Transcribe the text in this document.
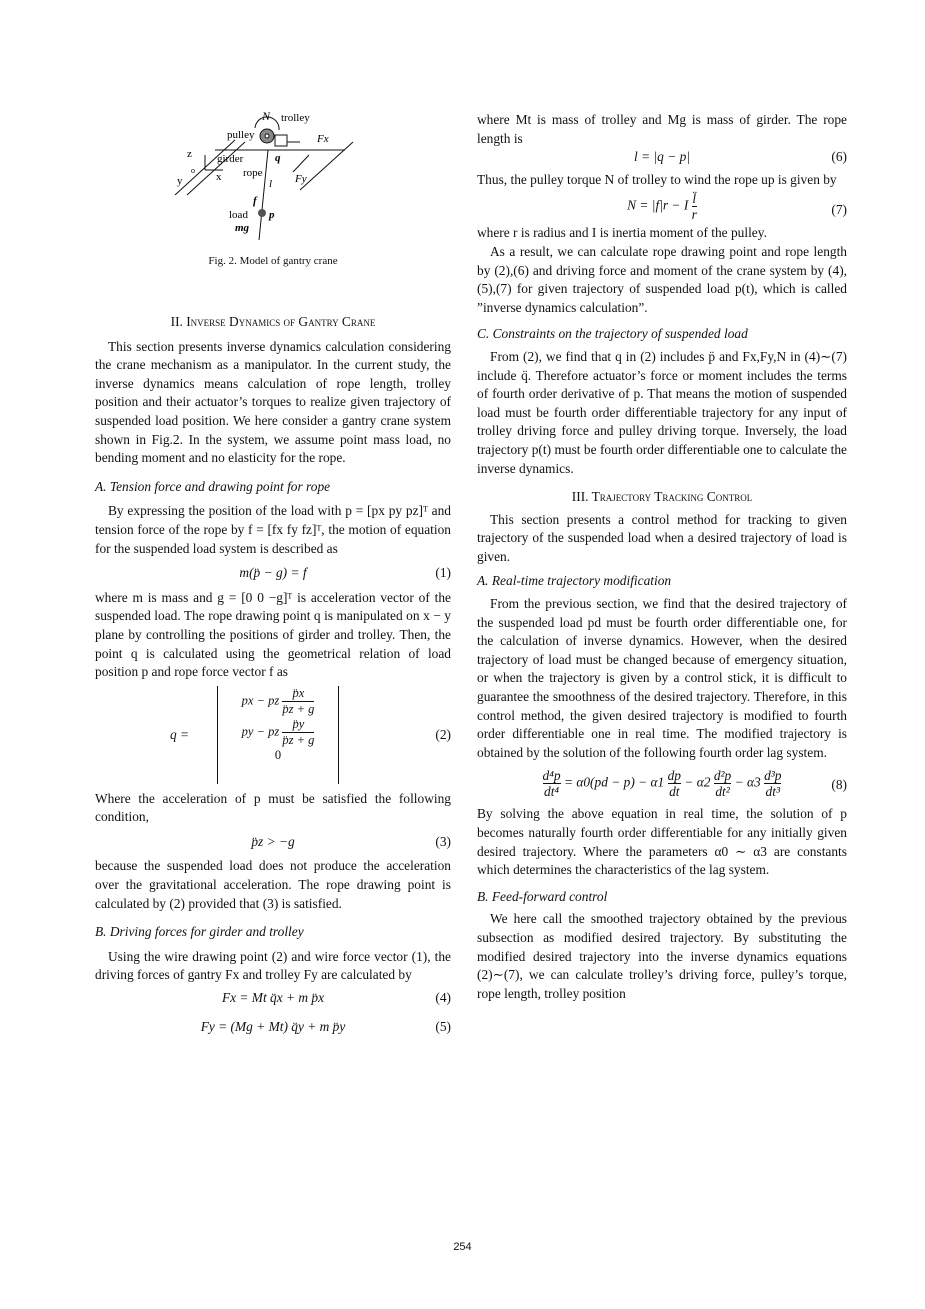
N trolley
pulley	Fx
z girder	q
o
x rope
y	Fy
l
f
load p
mg
Fig. 2. Model of gantry crane

II. Inverse Dynamics of Gantry Crane

This section presents inverse dynamics calculation considering the crane mechanism as a manipulator. In the current study, the inverse dynamics means calculation of rope length, trolley position and their actuator’s torques to realize given trajectory of suspended load position. We here consider a gantry crane system shown in Fig.2. In the system, we assume point mass load, no bending moment and no elasticity for the rope.

A. Tension force and drawing point for rope

By expressing the position of the load with p = [px py pz]ᵀ and tension force of the rope by f = [fx fy fz]ᵀ, the motion of equation for the suspended load system is described as

m(p̈ − g) = f	(1)

where m is mass and g = [0 0 −g]ᵀ is acceleration vector of the suspended load. The rope drawing point q is manipulated on x − y plane by controlling the positions of girder and trolley. Then, the point q is calculated using the geometrical relation of load position p and rope force vector f as

q =
px − pz $\frac{p̈x}{p̈z + g}$
py − pz $\frac{p̈y}{p̈z + g}$
0
(2)

Where the acceleration of p must be satisfied the following condition,

p̈z > −g	(3)

because the suspended load does not produce the acceleration over the gravitational acceleration. The rope drawing point is calculated by (2) provided that (3) is satisfied.

B. Driving forces for girder and trolley

Using the wire drawing point (2) and wire force vector (1), the driving forces of gantry Fx and trolley Fy are calculated by

Fx = Mt q̈x + m p̈x	(4)
Fy = (Mg + Mt) q̈y + m p̈y	(5)

where Mt is mass of trolley and Mg is mass of girder. The rope length is

l = |q − p|	(6)

Thus, the pulley torque N of trolley to wind the rope up is given by

N = |f|r − I $\frac{l̈}{r}$	(7)

where r is radius and I is inertia moment of the pulley.

As a result, we can calculate rope drawing point and rope length by (2),(6) and driving force and moment of the crane system by (4),(5),(7) for given trajectory of suspended load p(t), which is called ”inverse dynamics calculation”.

C. Constraints on the trajectory of suspended load

From (2), we find that q in (2) includes p̈ and Fx,Fy,N in (4)∼(7) include q̈. Therefore actuator’s force or moment includes the terms of fourth order derivative of p. That means the motion of suspended load must be fourth order differentiable trajectory for any input of trolley driving force and pulley driving torque. Inversely, the load trajectory p(t) must be fourth order differentiable one to calculate the inverse dynamics.

III. Trajectory Tracking Control

This section presents a control method for tracking to given trajectory of the suspended load when a desired trajectory of load is given.

A. Real-time trajectory modification

From the previous section, we find that the desired trajectory of the suspended load pd must be fourth order differentiable one, for the calculation of inverse dynamics. However, when the desired trajectory of load must be changed because of emergency situation, or when the trajectory is given by a control stick, it is difficult to guarantee the smoothness of the desired trajectory. Therefore, in this control method, the given desired trajectory is modified to fourth order differentiable one in real time. The modified trajectory is obtained by the solution of the following fourth order lag system.

$\frac{\text{d⁴p}}{\text{dt⁴}} = \alpha 0(pd - p) - \alpha 1 \frac{dp}{dt} - \alpha 2 \frac{\text{d²p}}{\text{dt²}} - \alpha 3 \frac{\text{d³p}}{\text{dt³}}$	(8)

By solving the above equation in real time, the solution of p becomes naturally fourth order differentiable for any initially given desired trajectory. Where the parameters α0 ∼ α3 are constants which determines the characteristics of the lag system.

B. Feed-forward control

We here call the smoothed trajectory obtained by the previous subsection as modified desired trajectory. By substituting the modified desired trajectory into the inverse dynamics equations (2)∼(7), we can calculate trolley’s driving force, pulley’s torque, rope length, trolley position

254
